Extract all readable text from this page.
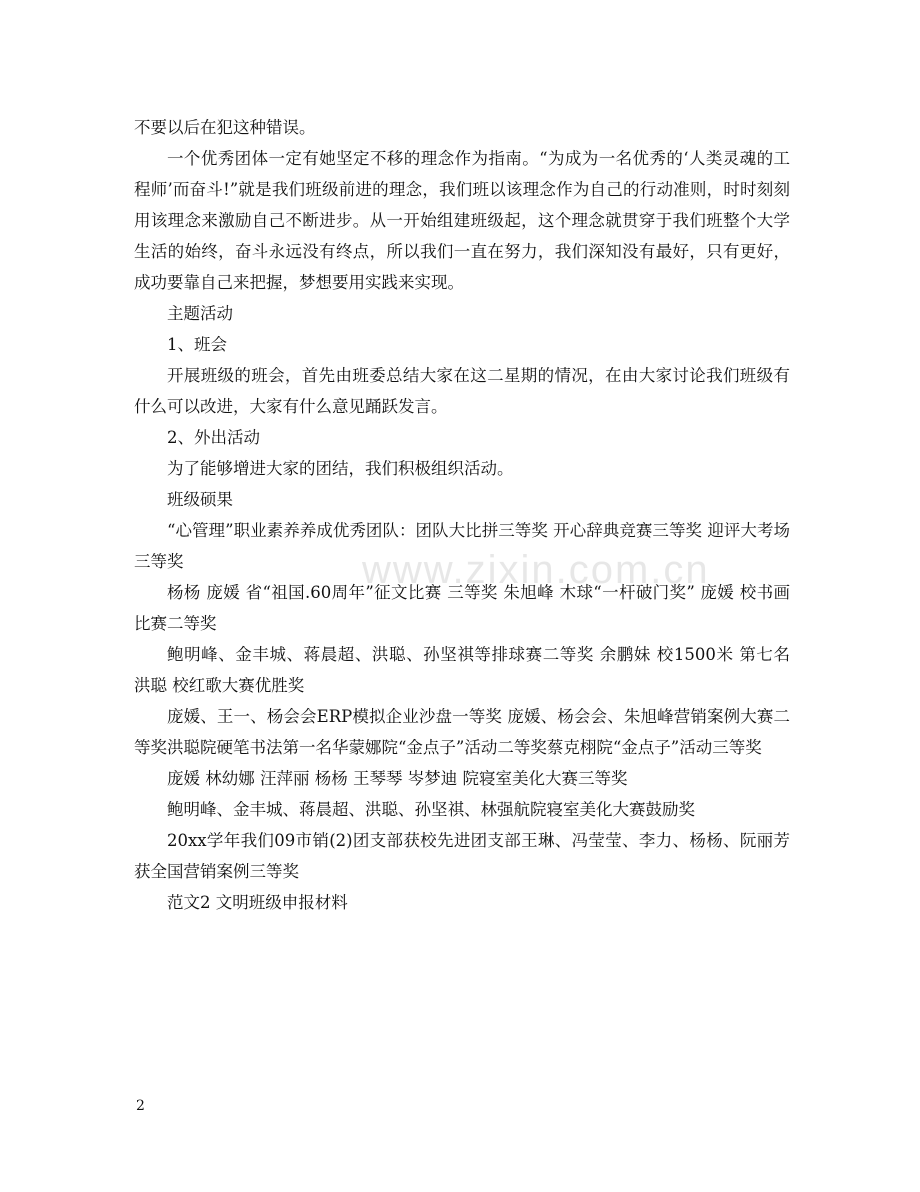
www.zixin.com.cn

不要以后在犯这种错误。

一个优秀团体一定有她坚定不移的理念作为指南。“为成为一名优秀的‘人类灵魂的工程师’而奋斗!”就是我们班级前进的理念，我们班以该理念作为自己的行动准则，时时刻刻用该理念来激励自己不断进步。从一开始组建班级起，这个理念就贯穿于我们班整个大学生活的始终，奋斗永远没有终点，所以我们一直在努力，我们深知没有最好，只有更好，成功要靠自己来把握，梦想要用实践来实现。

主题活动

1、班会

开展班级的班会，首先由班委总结大家在这二星期的情况，在由大家讨论我们班级有什么可以改进，大家有什么意见踊跃发言。

2、外出活动

为了能够增进大家的团结，我们积极组织活动。

班级硕果

“心管理”职业素养养成优秀团队：团队大比拼三等奖 开心辞典竞赛三等奖 迎评大考场三等奖

杨杨 庞媛 省“祖国.60周年”征文比赛 三等奖 朱旭峰 木球“一杆破门奖” 庞媛 校书画比赛二等奖

鲍明峰、金丰城、蒋晨超、洪聪、孙坚祺等排球赛二等奖 余鹏妹 校1500米 第七名 洪聪 校红歌大赛优胜奖

庞媛、王一、杨会会ERP模拟企业沙盘一等奖 庞媛、杨会会、朱旭峰营销案例大赛二等奖洪聪院硬笔书法第一名华蒙娜院“金点子”活动二等奖蔡克栩院“金点子”活动三等奖

庞媛 林幼娜 汪萍丽 杨杨 王琴琴 岑梦迪 院寝室美化大赛三等奖

鲍明峰、金丰城、蒋晨超、洪聪、孙坚祺、林强航院寝室美化大赛鼓励奖

20xx学年我们09市销(2)团支部获校先进团支部王琳、冯莹莹、李力、杨杨、阮丽芳获全国营销案例三等奖

范文2 文明班级申报材料

2
